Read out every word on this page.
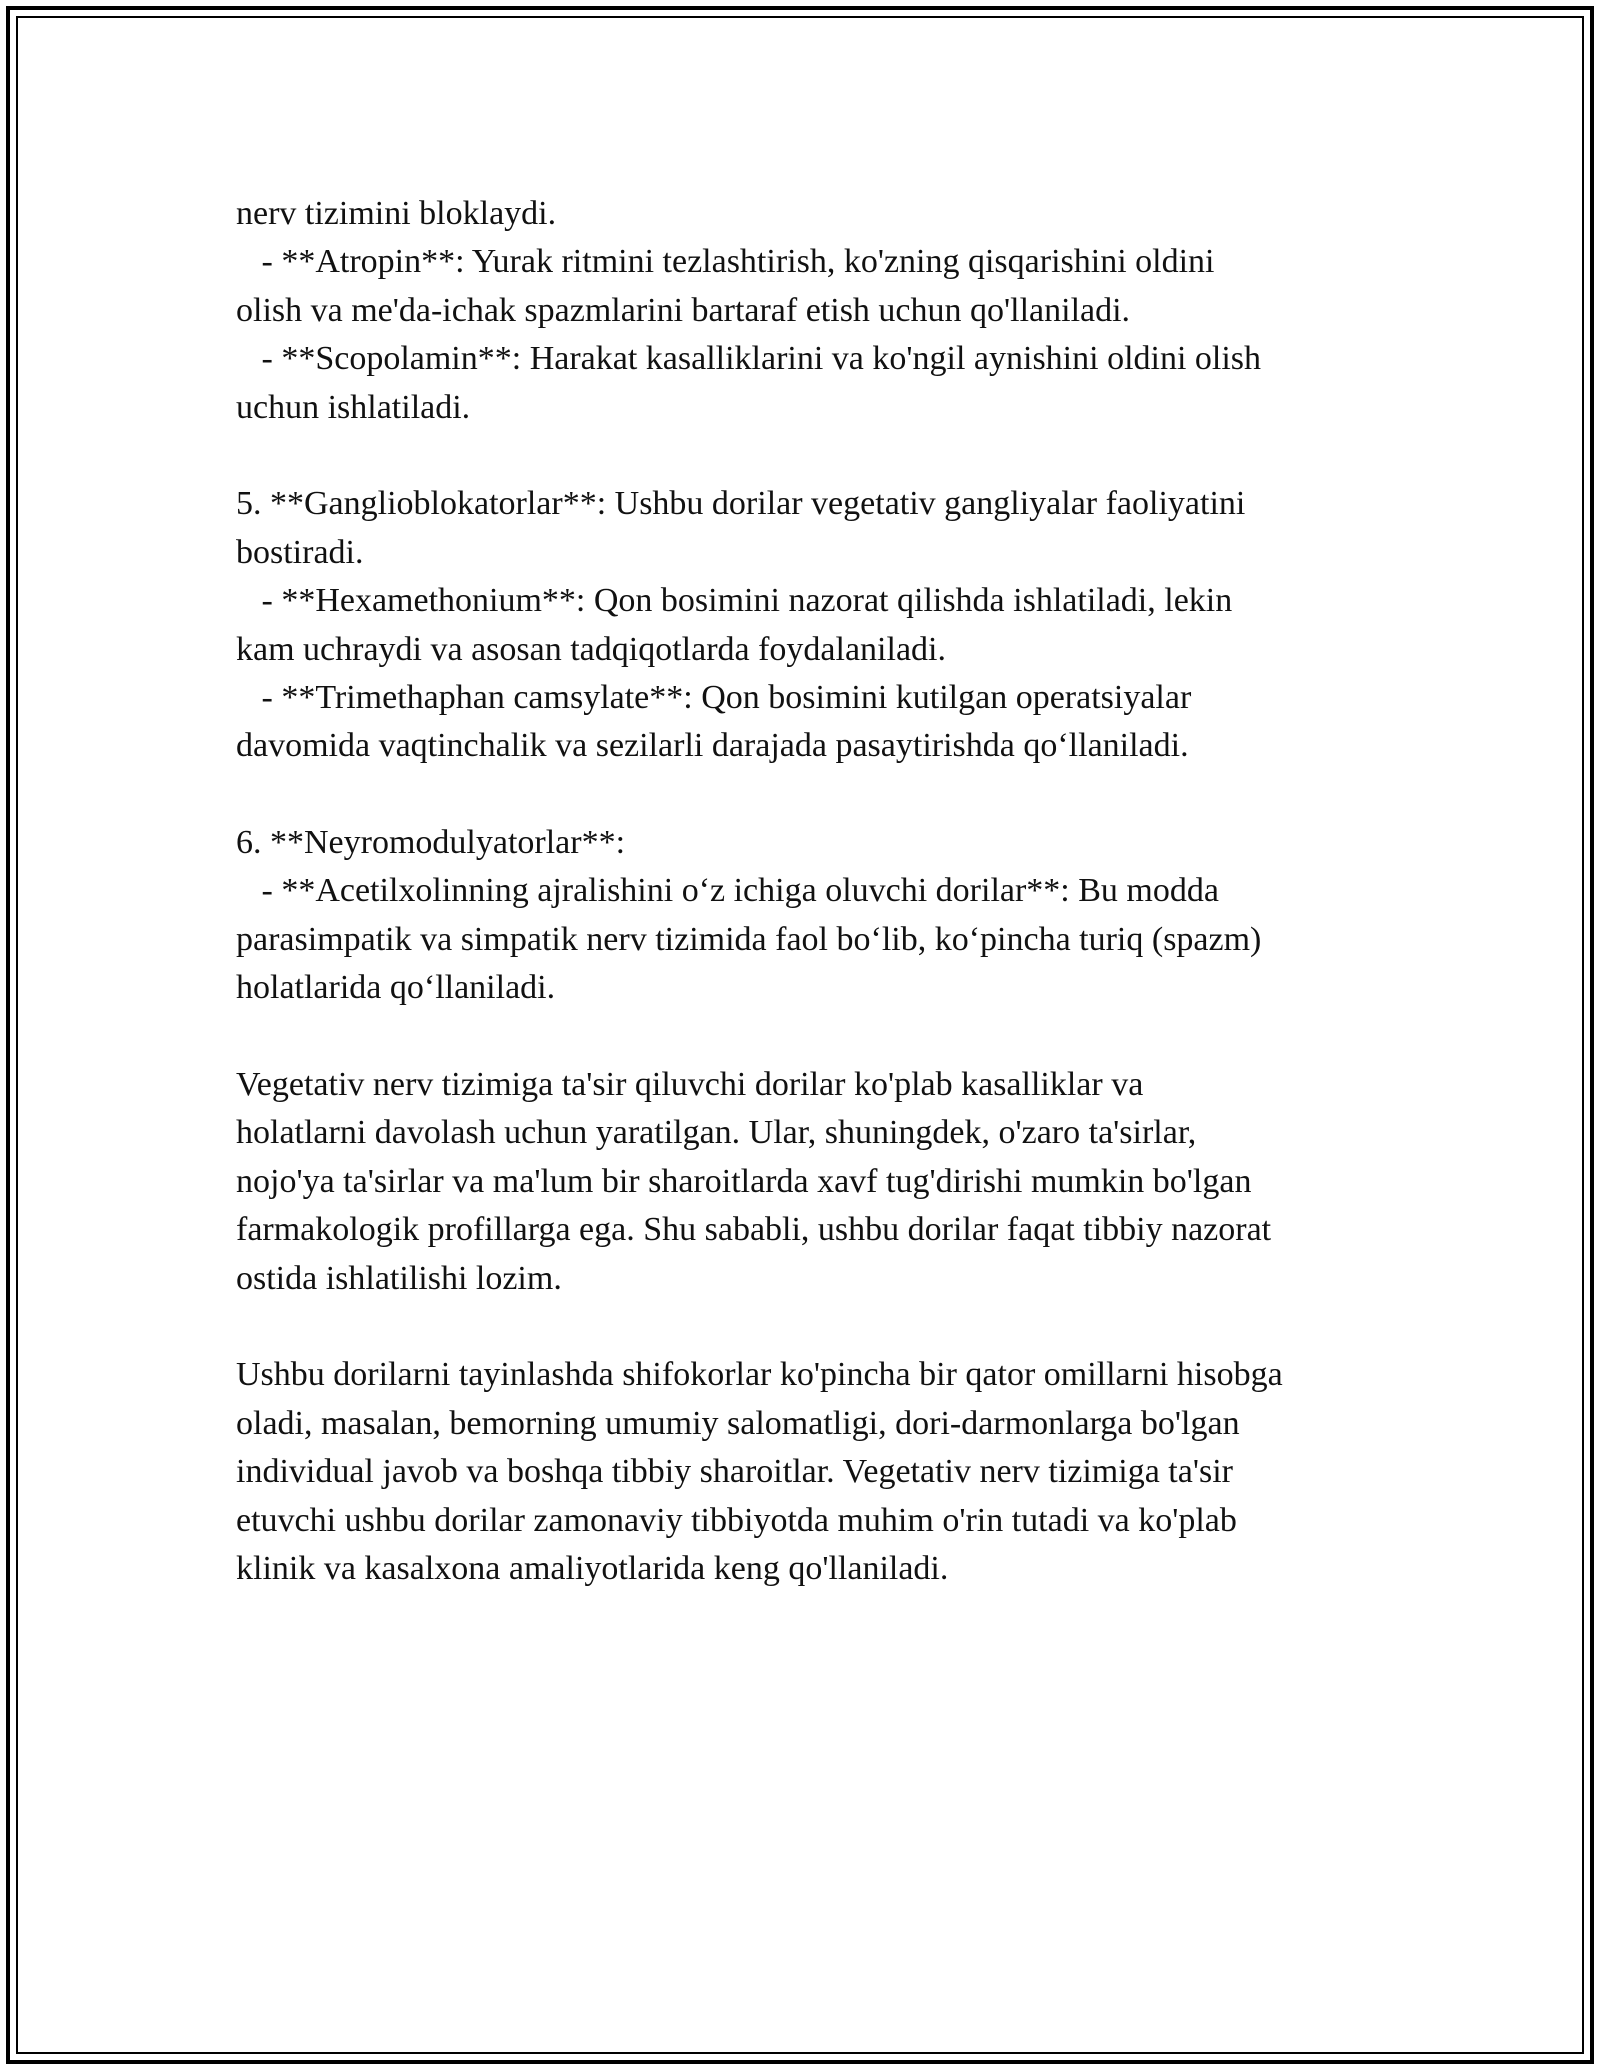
nerv tizimini bloklaydi.
- **Atropin**: Yurak ritmini tezlashtirish, ko'zning qisqarishini oldini
olish va me'da-ichak spazmlarini bartaraf etish uchun qo'llaniladi.
- **Scopolamin**: Harakat kasalliklarini va ko'ngil aynishini oldini olish
uchun ishlatiladi.
5. **Ganglioblokatorlar**: Ushbu dorilar vegetativ gangliyalar faoliyatini
bostiradi.
- **Hexamethonium**: Qon bosimini nazorat qilishda ishlatiladi, lekin
kam uchraydi va asosan tadqiqotlarda foydalaniladi.
- **Trimethaphan camsylate**: Qon bosimini kutilgan operatsiyalar
davomida vaqtinchalik va sezilarli darajada pasaytirishda qo‘llaniladi.
6. **Neyromodulyatorlar**:
- **Acetilxolinning ajralishini o‘z ichiga oluvchi dorilar**: Bu modda
parasimpatik va simpatik nerv tizimida faol bo‘lib, ko‘pincha turiq (spazm)
holatlarida qo‘llaniladi.
Vegetativ nerv tizimiga ta'sir qiluvchi dorilar ko'plab kasalliklar va
holatlarni davolash uchun yaratilgan. Ular, shuningdek, o'zaro ta'sirlar,
nojo'ya ta'sirlar va ma'lum bir sharoitlarda xavf tug'dirishi mumkin bo'lgan
farmakologik profillarga ega. Shu sababli, ushbu dorilar faqat tibbiy nazorat
ostida ishlatilishi lozim.
Ushbu dorilarni tayinlashda shifokorlar ko'pincha bir qator omillarni hisobga
oladi, masalan, bemorning umumiy salomatligi, dori-darmonlarga bo'lgan
individual javob va boshqa tibbiy sharoitlar. Vegetativ nerv tizimiga ta'sir
etuvchi ushbu dorilar zamonaviy tibbiyotda muhim o'rin tutadi va ko'plab
klinik va kasalxona amaliyotlarida keng qo'llaniladi.
